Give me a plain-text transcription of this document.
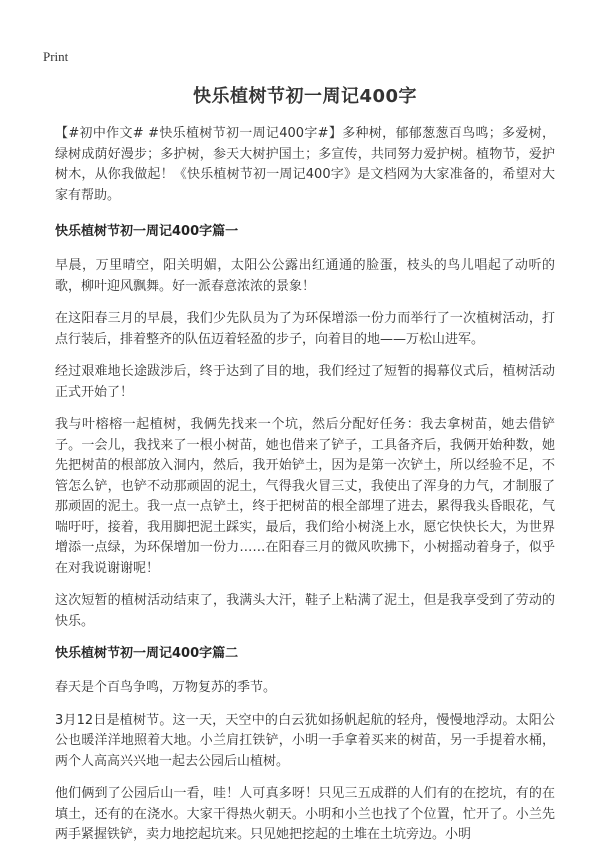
Print
快乐植树节初一周记400字

【#初中作文# #快乐植树节初一周记400字#】多种树，郁郁葱葱百鸟鸣；多爱树，绿树成荫好漫步；多护树，参天大树护国土；多宣传，共同努力爱护树。植物节，爱护树木，从你我做起！《快乐植树节初一周记400字》是文档网为大家准备的，希望对大家有帮助。

快乐植树节初一周记400字篇一

早晨，万里晴空，阳关明媚，太阳公公露出红通通的脸蛋，枝头的鸟儿唱起了动听的歌，柳叶迎风飘舞。好一派春意浓浓的景象！

在这阳春三月的早晨，我们少先队员为了为环保增添一份力而举行了一次植树活动，打点行装后，排着整齐的队伍迈着轻盈的步子，向着目的地——万松山进军。

经过艰难地长途跋涉后，终于达到了目的地，我们经过了短暂的揭幕仪式后，植树活动正式开始了！

我与叶榕榕一起植树，我俩先找来一个坑，然后分配好任务：我去拿树苗，她去借铲子。一会儿，我找来了一根小树苗，她也借来了铲子，工具备齐后，我俩开始种数，她先把树苗的根部放入洞内，然后，我开始铲土，因为是第一次铲土，所以经验不足，不管怎么铲，也铲不动那顽固的泥土，气得我火冒三丈，我使出了浑身的力气，才制服了那顽固的泥土。我一点一点铲土，终于把树苗的根全部埋了进去，累得我头昏眼花，气喘吁吁，接着，我用脚把泥土踩实，最后，我们给小树浇上水，愿它快快长大，为世界增添一点绿，为环保增加一份力……在阳春三月的微风吹拂下，小树摇动着身子，似乎在对我说谢谢呢！

这次短暂的植树活动结束了，我满头大汗，鞋子上粘满了泥土，但是我享受到了劳动的快乐。

快乐植树节初一周记400字篇二

春天是个百鸟争鸣，万物复苏的季节。

3月12日是植树节。这一天，天空中的白云犹如扬帆起航的轻舟，慢慢地浮动。太阳公公也暖洋洋地照着大地。小兰肩扛铁铲，小明一手拿着买来的树苗，另一手提着水桶，两个人高高兴兴地一起去公园后山植树。

他们俩到了公园后山一看，哇！人可真多呀！只见三五成群的人们有的在挖坑，有的在填土，还有的在浇水。大家干得热火朝天。小明和小兰也找了个位置，忙开了。小兰先两手紧握铁铲，卖力地挖起坑来。只见她把挖起的土堆在土坑旁边。小明
